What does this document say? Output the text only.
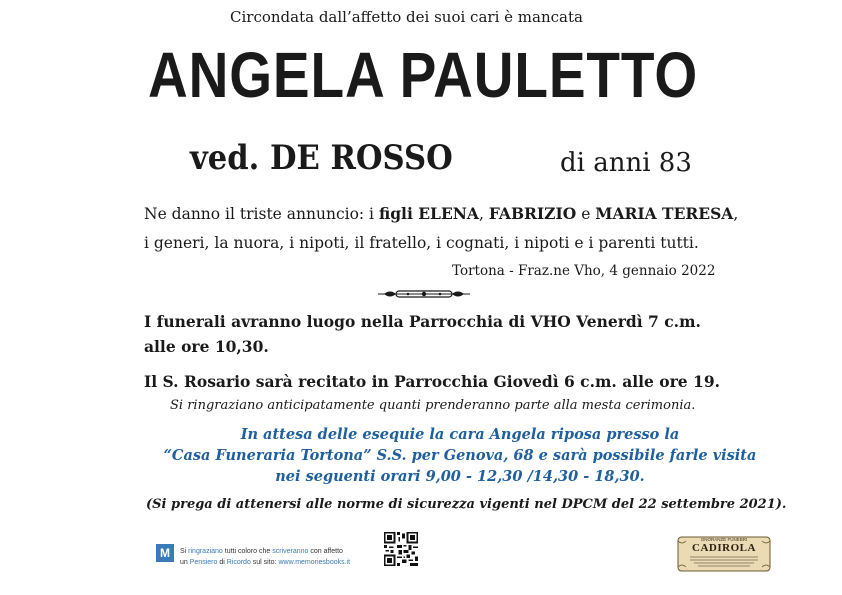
Circondata dall’affetto dei suoi cari è mancata
ANGELA PAULETTO
ved. DE ROSSO	di anni 83
Ne danno il triste annuncio: i figli ELENA, FABRIZIO e MARIA TERESA,
i generi, la nuora, i nipoti, il fratello, i cognati, i nipoti e i parenti tutti.
Tortona - Fraz.ne Vho, 4 gennaio 2022
I funerali avranno luogo nella Parrocchia di VHO Venerdì 7 c.m.
alle ore 10,30.
Il S. Rosario sarà recitato in Parrocchia Giovedì 6 c.m. alle ore 19.
Si ringraziano anticipatamente quanti prenderanno parte alla mesta cerimonia.
In attesa delle esequie la cara Angela riposa presso la
“Casa Funeraria Tortona” S.S. per Genova, 68 e sarà possibile farle visita
nei seguenti orari 9,00 - 12,30 /14,30 - 18,30.
(Si prega di attenersi alle norme di sicurezza vigenti nel DPCM del 22 settembre 2021).
M	Si ringraziano tutti coloro che scriveranno con affetto
un Pensiero di Ricordo sul sito: www.memoriesbooks.it
ONORANZE FUNEBRI
CADIROLA
